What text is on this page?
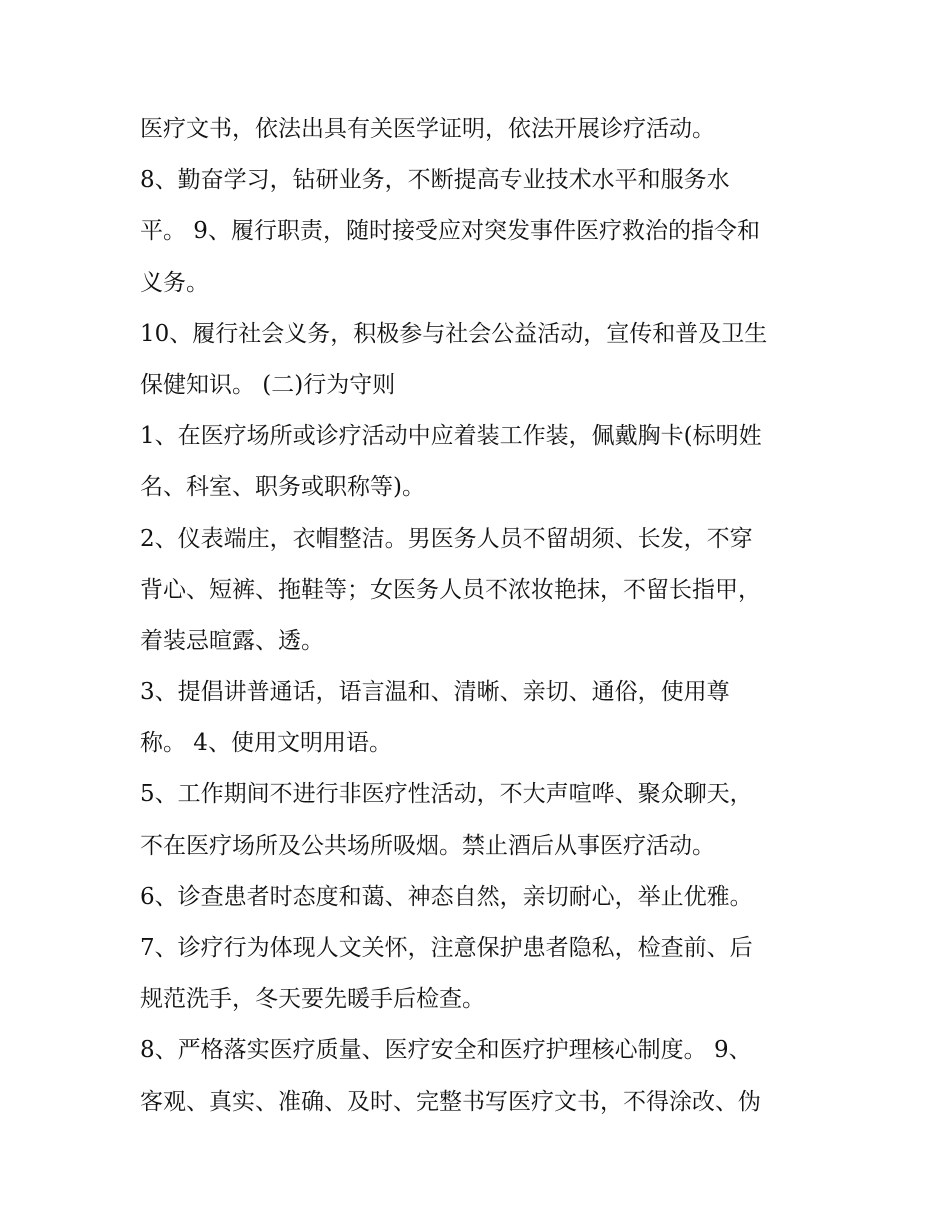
医疗文书，依法出具有关医学证明，依法开展诊疗活动。
8、勤奋学习，钻研业务，不断提高专业技术水平和服务水
平。 9、履行职责，随时接受应对突发事件医疗救治的指令和
义务。
10、履行社会义务，积极参与社会公益活动，宣传和普及卫生
保健知识。 (二)行为守则
1、在医疗场所或诊疗活动中应着装工作装，佩戴胸卡(标明姓
名、科室、职务或职称等)。
2、仪表端庄，衣帽整洁。男医务人员不留胡须、长发，不穿
背心、短裤、拖鞋等；女医务人员不浓妆艳抹，不留长指甲，
着装忌暄露、透。
3、提倡讲普通话，语言温和、清晰、亲切、通俗，使用尊
称。 4、使用文明用语。
5、工作期间不进行非医疗性活动，不大声喧哗、聚众聊天，
不在医疗场所及公共场所吸烟。禁止酒后从事医疗活动。
6、诊查患者时态度和蔼、神态自然，亲切耐心，举止优雅。
7、诊疗行为体现人文关怀，注意保护患者隐私，检查前、后
规范洗手，冬天要先暖手后检查。
8、严格落实医疗质量、医疗安全和医疗护理核心制度。 9、
客观、真实、准确、及时、完整书写医疗文书，不得涂改、伪
